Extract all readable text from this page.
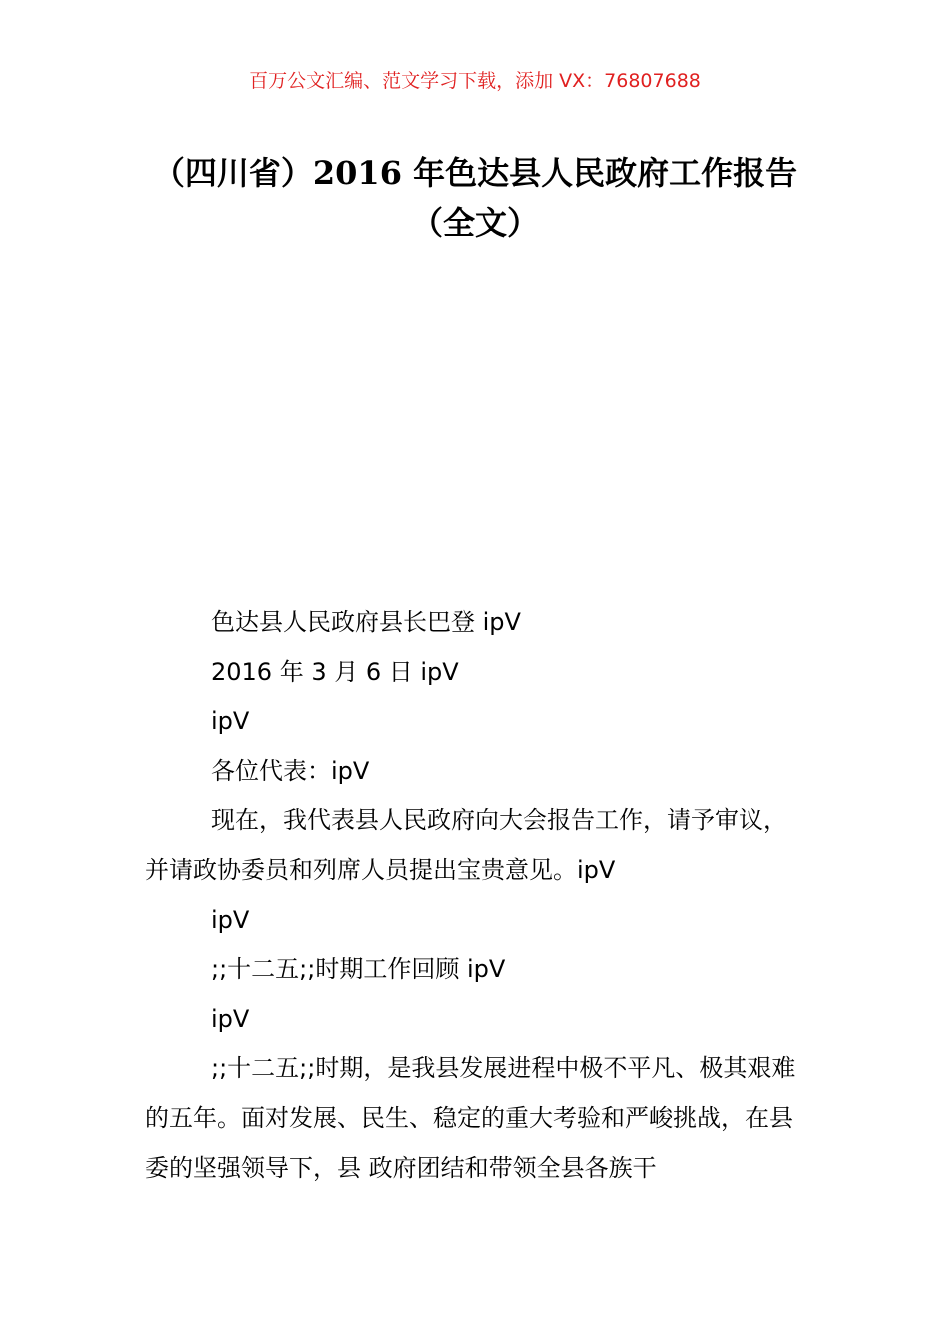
百万公文汇编、范文学习下载，添加 VX：76807688
（四川省）2016 年色达县人民政府工作报告（全文）

色达县人民政府县长巴登 ipV

2016 年 3 月 6 日 ipV

ipV

各位代表：ipV

现在，我代表县人民政府向大会报告工作，请予审议，并请政协委员和列席人员提出宝贵意见。ipV

ipV

;;十二五;;时期工作回顾 ipV

ipV

;;十二五;;时期，是我县发展进程中极不平凡、极其艰难的五年。面对发展、民生、稳定的重大考验和严峻挑战，在县委的坚强领导下，县 政府团结和带领全县各族干
